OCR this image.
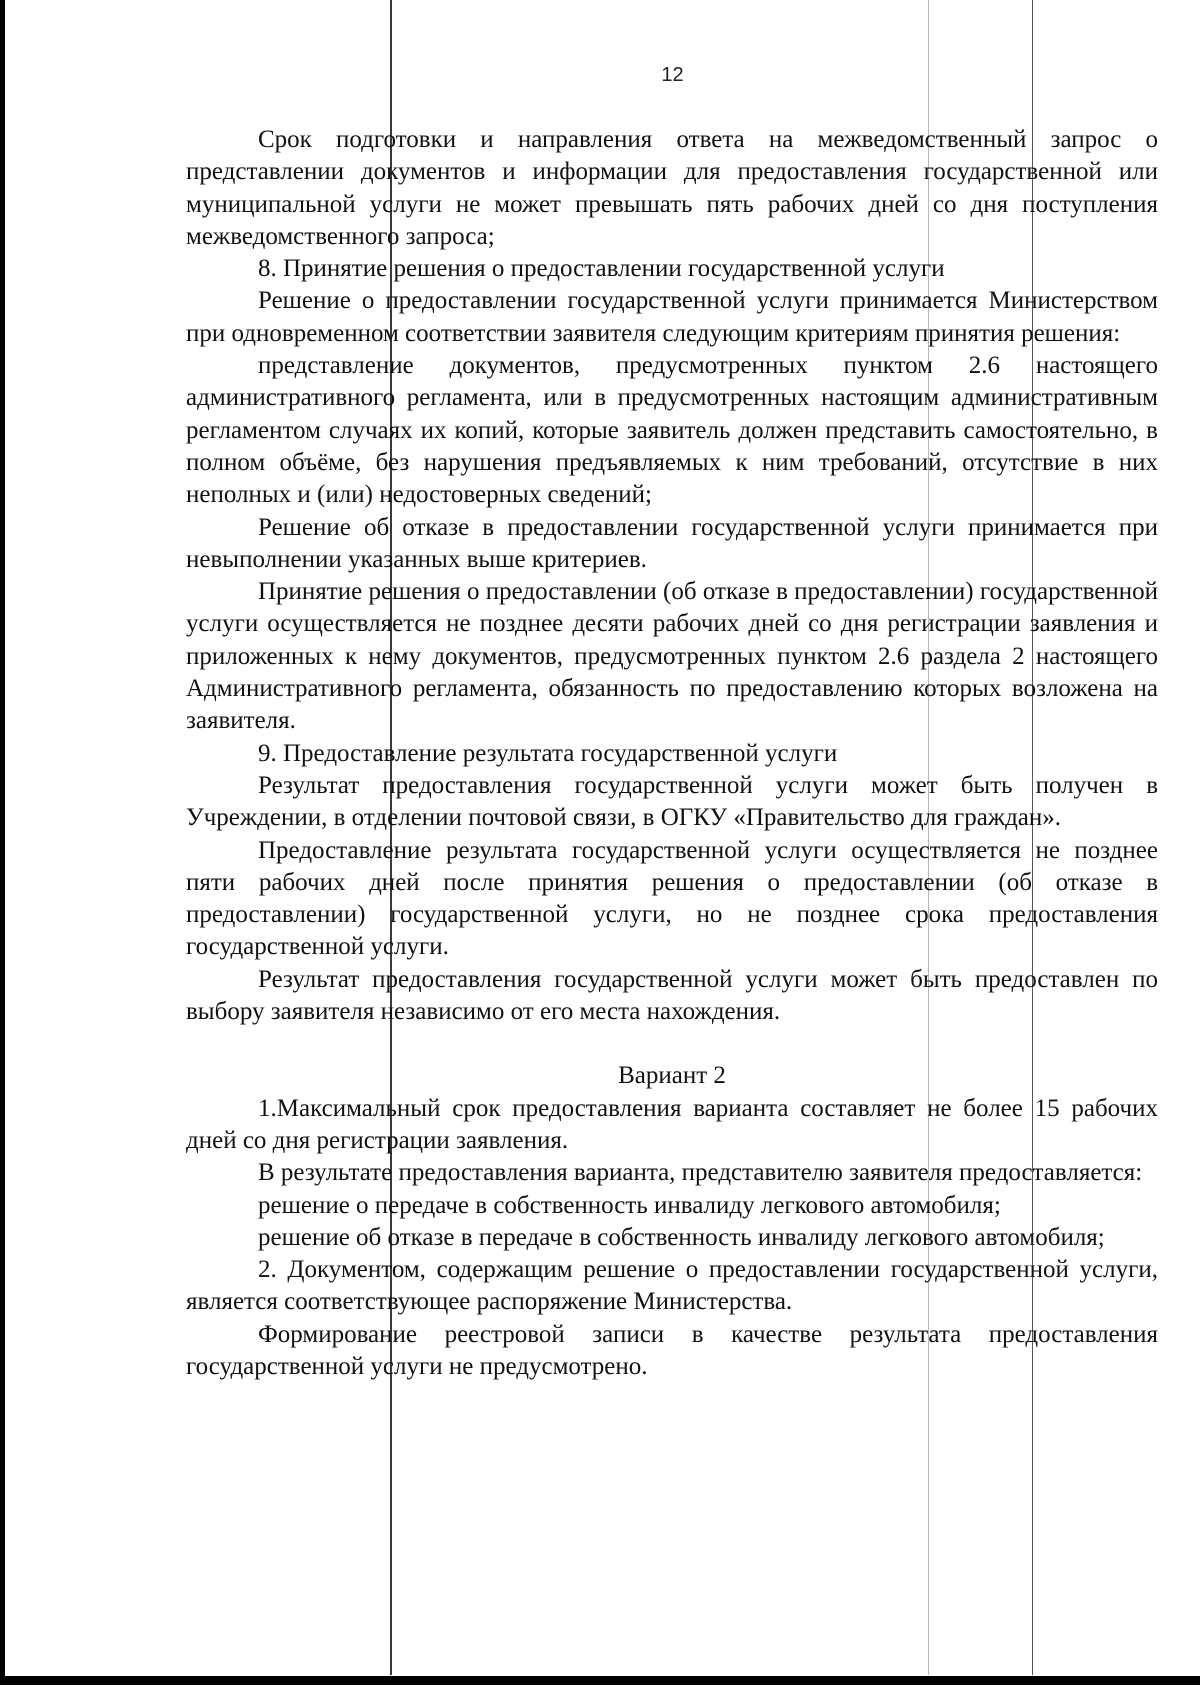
12

Срок подготовки и направления ответа на межведомственный запрос о представлении документов и информации для предоставления государственной или муниципальной услуги не может превышать пять рабочих дней со дня поступления межведомственного запроса;

8. Принятие решения о предоставлении государственной услуги

Решение о предоставлении государственной услуги принимается Министерством при одновременном соответствии заявителя следующим критериям принятия решения:

представление документов, предусмотренных пунктом 2.6 настоящего административного регламента, или в предусмотренных настоящим административным регламентом случаях их копий, которые заявитель должен представить самостоятельно, в полном объёме, без нарушения предъявляемых к ним требований, отсутствие в них неполных и (или) недостоверных сведений;

Решение об отказе в предоставлении государственной услуги принимается при невыполнении указанных выше критериев.

Принятие решения о предоставлении (об отказе в предоставлении) государственной услуги осуществляется не позднее десяти рабочих дней со дня регистрации заявления и приложенных к нему документов, предусмотренных пунктом 2.6 раздела 2 настоящего Административного регламента, обязанность по предоставлению которых возложена на заявителя.

9. Предоставление результата государственной услуги

Результат предоставления государственной услуги может быть получен в Учреждении, в отделении почтовой связи, в ОГКУ «Правительство для граждан».

Предоставление результата государственной услуги осуществляется не позднее пяти рабочих дней после принятия решения о предоставлении (об отказе в предоставлении) государственной услуги, но не позднее срока предоставления государственной услуги.

Результат предоставления государственной услуги может быть предоставлен по выбору заявителя независимо от его места нахождения.

Вариант 2

1.Максимальный срок предоставления варианта составляет не более 15 рабочих дней со дня регистрации заявления.

В результате предоставления варианта, представителю заявителя предоставляется:

решение о передаче в собственность инвалиду легкового автомобиля;

решение об отказе в передаче в собственность инвалиду легкового автомобиля;

2. Документом, содержащим решение о предоставлении государственной услуги, является соответствующее распоряжение Министерства.

Формирование реестровой записи в качестве результата предоставления государственной услуги не предусмотрено.
